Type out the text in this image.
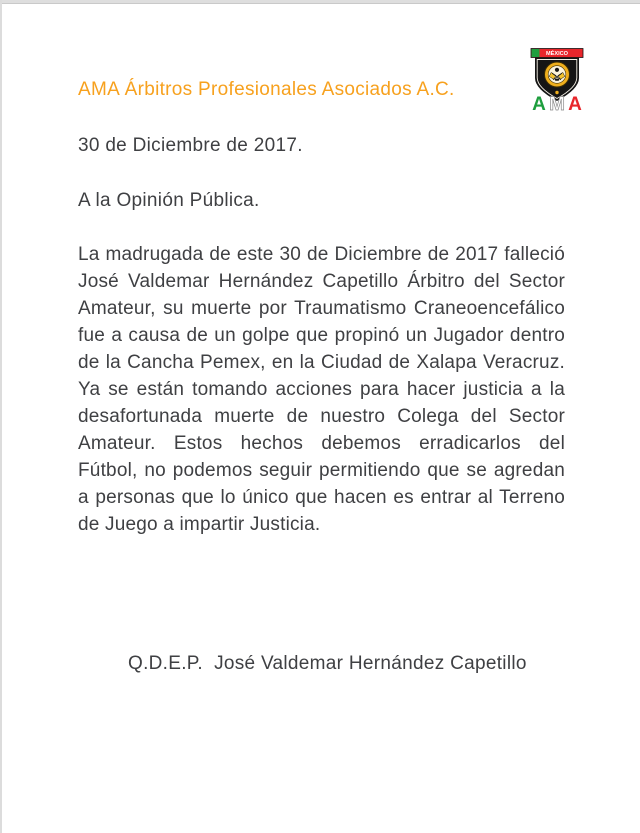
AMA Árbitros Profesionales Asociados A.C.
MÉXICO
A M A
30 de Diciembre de 2017.
A la Opinión Pública.
La madrugada de este 30 de Diciembre de 2017 falleció José Valdemar Hernández Capetillo Árbitro del Sector Amateur, su muerte por Traumatismo Craneoencefálico fue a causa de un golpe que propinó un Jugador dentro de la Cancha Pemex, en la Ciudad de Xalapa Veracruz. Ya se están tomando acciones para hacer justicia a la desafortunada muerte de nuestro Colega del Sector Amateur. Estos hechos debemos erradicarlos del Fútbol, no podemos seguir permitiendo que se agredan a personas que lo único que hacen es entrar al Terreno de Juego a impartir Justicia.
Q.D.E.P.  José Valdemar Hernández Capetillo
